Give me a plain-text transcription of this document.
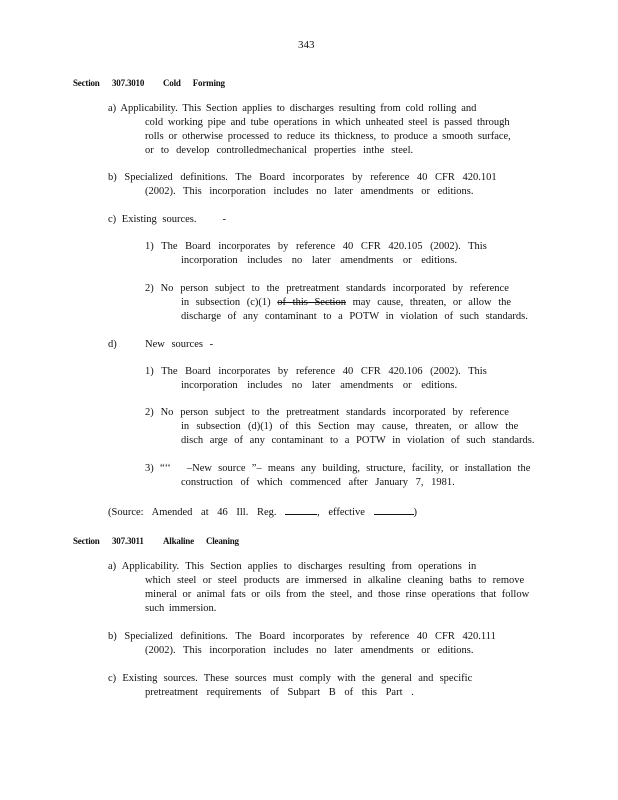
343
Section 307.3010 Cold Forming
a) Applicability. This Section applies to discharges resulting from cold rolling and
cold working pipe and tube operations in which unheated steel is passed through
rolls or otherwise processed to reduce its thickness, to produce a smooth surface,
or to develop controlledmechanical properties inthe steel.
b) Specialized definitions. The Board incorporates by reference 40 CFR 420.101
(2002). This incorporation includes no later amendments or editions.
c) Existing sources. -
1) The Board incorporates by reference 40 CFR 420.105 (2002). This
incorporation includes no later amendments or editions.
2) No person subject to the pretreatment standards incorporated by reference
in subsection (c)(1) of this Section may cause, threaten, or allow the
discharge of any contaminant to a POTW in violation of such standards.
d)	New sources -
1) The Board incorporates by reference 40 CFR 420.106 (2002). This
incorporation includes no later amendments or editions.
2) No person subject to the pretreatment standards incorporated by reference
in subsection (d)(1) of this Section may cause, threaten, or allow the
disch arge of any contaminant to a POTW in violation of such standards.
3) “‘‘ –New source ”– means any building, structure, facility, or installation the
construction of which commenced after January 7, 1981.
(Source: Amended at 46 Ill. Reg.	, effective	)
Section 307.3011 Alkaline Cleaning
a) Applicability. This Section applies to discharges resulting from operations in
which steel or steel products are immersed in alkaline cleaning baths to remove
mineral or animal fats or oils from the steel, and those rinse operations that follow
such immersion.
b) Specialized definitions. The Board incorporates by reference 40 CFR 420.111
(2002). This incorporation includes no later amendments or editions.
c) Existing sources. These sources must comply with the general and specific
pretreatment requirements of Subpart B of this Part .
